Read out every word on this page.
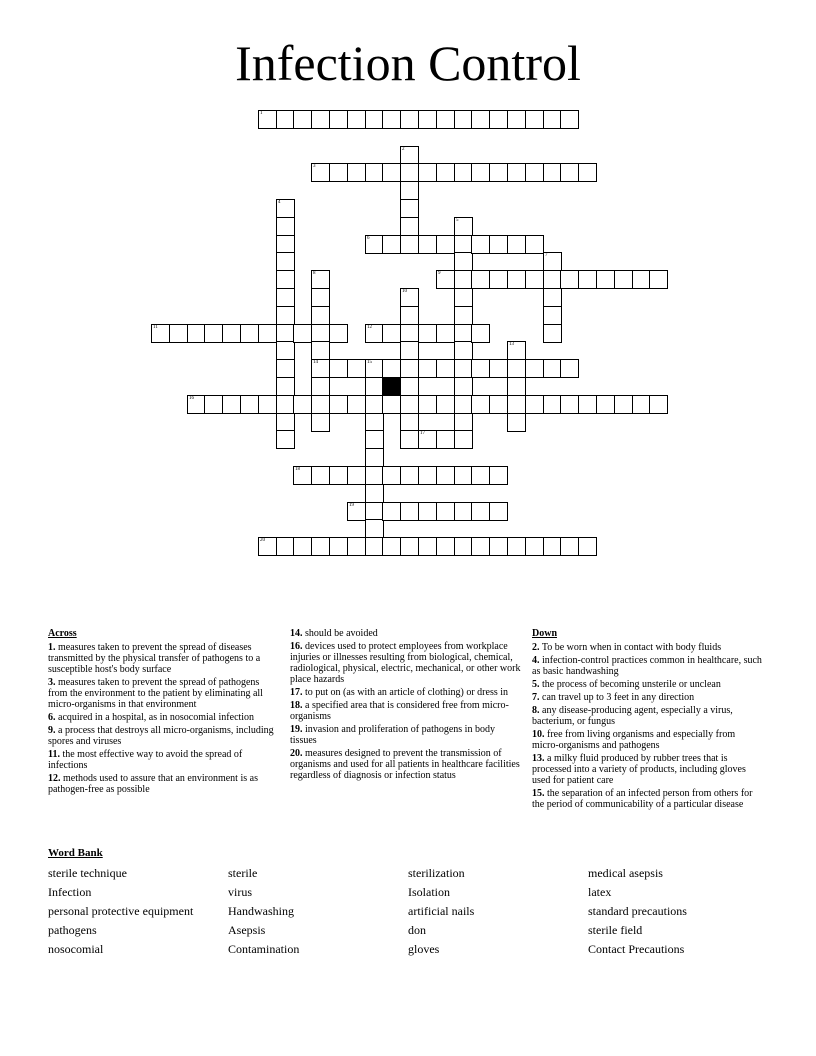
Infection Control
1
2
3
4
5
6
7
8
14
9
10
11	12
13
15
16
17
18
19
20
Across
1. measures taken to prevent the spread of diseases transmitted by the physical transfer of pathogens to a susceptible host's body surface
3. measures taken to prevent the spread of pathogens from the environment to the patient by eliminating all micro-organisms in that environment
6. acquired in a hospital, as in nosocomial infection
9. a process that destroys all micro-organisms, including spores and viruses
11. the most effective way to avoid the spread of infections
12. methods used to assure that an environment is as pathogen-free as possible
14. should be avoided
16. devices used to protect employees from workplace injuries or illnesses resulting from biological, chemical, radiological, physical, electric, mechanical, or other work place hazards
17. to put on (as with an article of clothing) or dress in
18. a specified area that is considered free from micro-organisms
19. invasion and proliferation of pathogens in body tissues
20. measures designed to prevent the transmission of organisms and used for all patients in healthcare facilities regardless of diagnosis or infection status
Down
2. To be worn when in contact with body fluids
4. infection-control practices common in healthcare, such as basic handwashing
5. the process of becoming unsterile or unclean
7. can travel up to 3 feet in any direction
8. any disease-producing agent, especially a virus, bacterium, or fungus
10. free from living organisms and especially from micro-organisms and pathogens
13. a milky fluid produced by rubber trees that is processed into a variety of products, including gloves used for patient care
15. the separation of an infected person from others for the period of communicability of a particular disease
Word Bank
sterile technique	sterile	sterilization	medical asepsis
Infection	virus	Isolation	latex
personal protective equipment	Handwashing	artificial nails	standard precautions
pathogens	Asepsis	don	sterile field
nosocomial	Contamination	gloves	Contact Precautions
